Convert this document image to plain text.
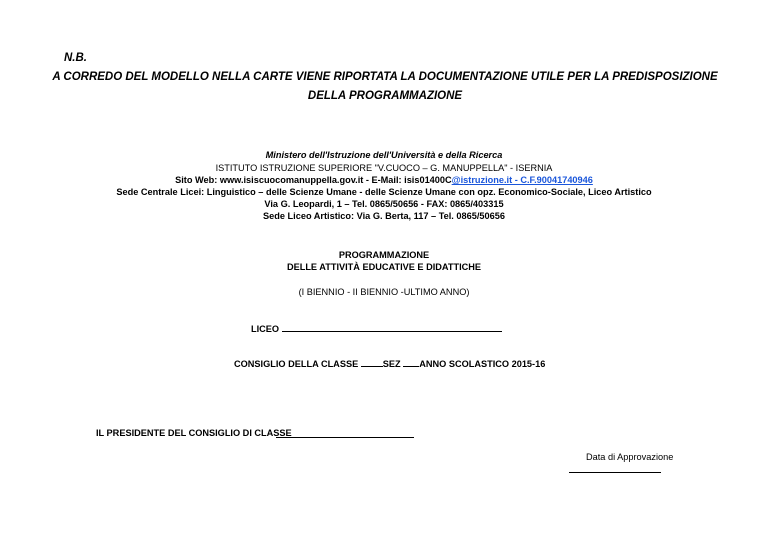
N.B.
A CORREDO DEL MODELLO NELLA CARTE VIENE RIPORTATA LA DOCUMENTAZIONE UTILE PER LA PREDISPOSIZIONE DELLA PROGRAMMAZIONE
Ministero dell'Istruzione dell'Università e della Ricerca
ISTITUTO ISTRUZIONE SUPERIORE "V.CUOCO – G. MANUPPELLA" - ISERNIA
Sito Web: www.isiscuocomanuppella.gov.it - E-Mail: isis01400C@istruzione.it - C.F.90041740946
Sede Centrale Licei: Linguistico – delle Scienze Umane - delle Scienze Umane con opz. Economico-Sociale, Liceo Artistico
Via G. Leopardi, 1 – Tel. 0865/50656 - FAX: 0865/403315
Sede Liceo Artistico: Via G. Berta, 117 – Tel. 0865/50656
PROGRAMMAZIONE
DELLE ATTIVITÀ EDUCATIVE E DIDATTICHE
(I BIENNIO - II BIENNIO -ULTIMO ANNO)
LICEO
CONSIGLIO DELLA CLASSE	SEZ ANNO SCOLASTICO 2015-16
IL PRESIDENTE DEL CONSIGLIO DI CLASSE
Data di Approvazione
